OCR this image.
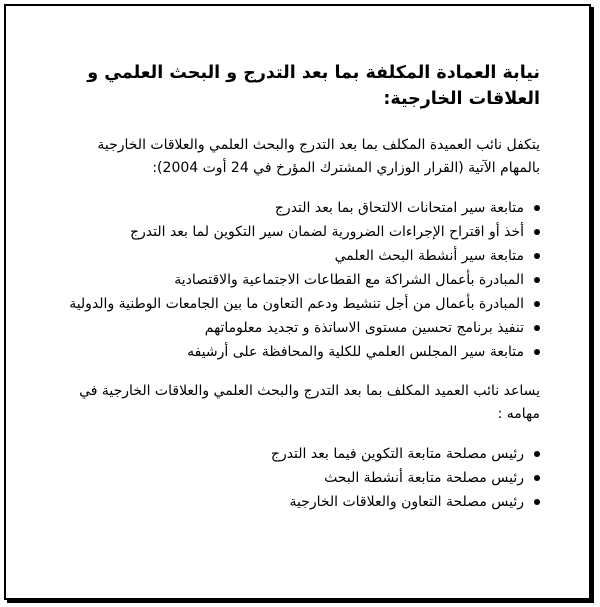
نيابة العمادة المكلفة بما بعد التدرج و البحث العلمي و العلاقات الخارجية:
يتكفل نائب العميدة المكلف بما بعد التدرج والبحث العلمي والعلاقات الخارجية بالمهام الآتية (القرار الوزاري المشترك المؤرخ في 24 أوت 2004):
متابعة سير امتحانات الالتحاق بما بعد التدرج
أخذ أو اقتراح الإجراءات الضرورية لضمان سير التكوين لما بعد التدرج
متابعة سير أنشطة البحث العلمي
المبادرة بأعمال الشراكة مع القطاعات الاجتماعية والاقتصادية
المبادرة بأعمال من أجل تنشيط ودعم التعاون ما بين الجامعات الوطنية والدولية
تنفيذ برنامج تحسين مستوى الاساتذة و تجديد معلوماتهم
متابعة سير المجلس العلمي للكلية والمحافظة على أرشيفه
يساعد نائب العميد المكلف بما بعد التدرج والبحث العلمي والعلاقات الخارجية في مهامه :
رئيس مصلحة متابعة التكوين فيما بعد التدرج
رئيس مصلحة متابعة أنشطة البحث
رئيس مصلحة التعاون والعلاقات الخارجية
